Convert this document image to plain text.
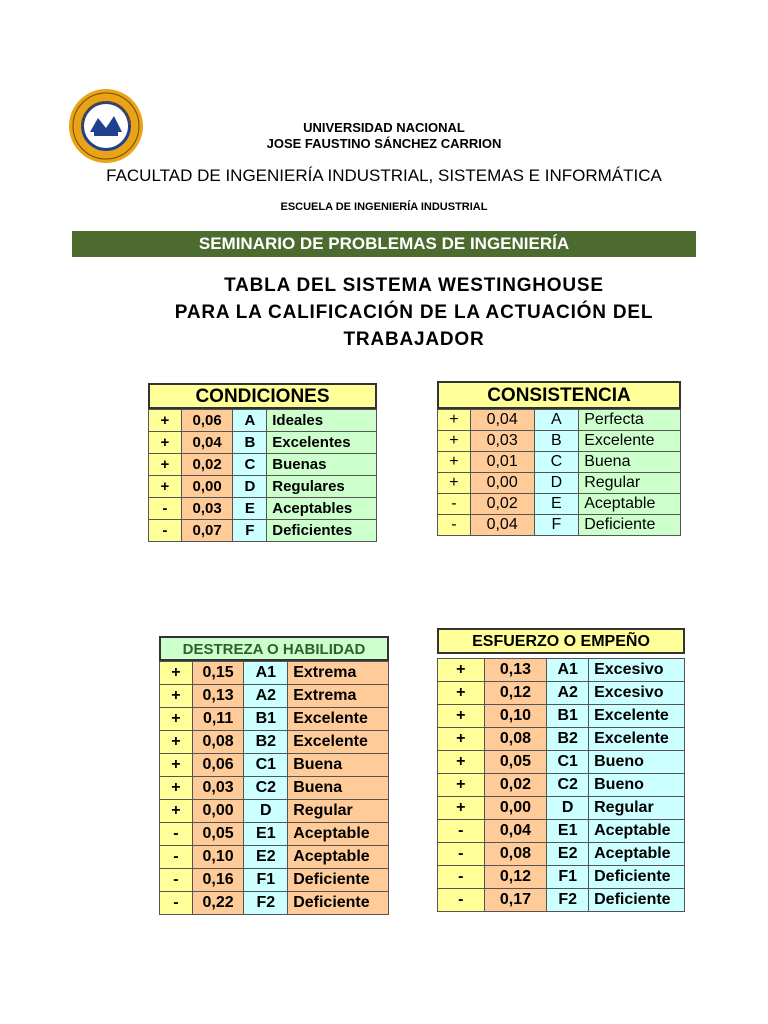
UNIVERSIDAD NACIONAL
JOSE FAUSTINO SÁNCHEZ CARRION
FACULTAD DE INGENIERÍA INDUSTRIAL, SISTEMAS E INFORMÁTICA
ESCUELA DE INGENIERÍA INDUSTRIAL
SEMINARIO DE PROBLEMAS DE INGENIERÍA
TABLA DEL SISTEMA WESTINGHOUSE
PARA LA CALIFICACIÓN DE LA ACTUACIÓN DEL
TRABAJADOR
CONDICIONES
+	0,06	A	Ideales
+	0,04	B	Excelentes
+	0,02	C	Buenas
+	0,00	D	Regulares
-	0,03	E	Aceptables
-	0,07	F	Deficientes
CONSISTENCIA
+	0,04	A	Perfecta
+	0,03	B	Excelente
+	0,01	C	Buena
+	0,00	D	Regular
-	0,02	E	Aceptable
-	0,04	F	Deficiente
DESTREZA O HABILIDAD
+	0,15	A1	Extrema
+	0,13	A2	Extrema
+	0,11	B1	Excelente
+	0,08	B2	Excelente
+	0,06	C1	Buena
+	0,03	C2	Buena
+	0,00	D	Regular
-	0,05	E1	Aceptable
-	0,10	E2	Aceptable
-	0,16	F1	Deficiente
-	0,22	F2	Deficiente
ESFUERZO O EMPEÑO
+	0,13	A1	Excesivo
+	0,12	A2	Excesivo
+	0,10	B1	Excelente
+	0,08	B2	Excelente
+	0,05	C1	Bueno
+	0,02	C2	Bueno
+	0,00	D	Regular
-	0,04	E1	Aceptable
-	0,08	E2	Aceptable
-	0,12	F1	Deficiente
-	0,17	F2	Deficiente
